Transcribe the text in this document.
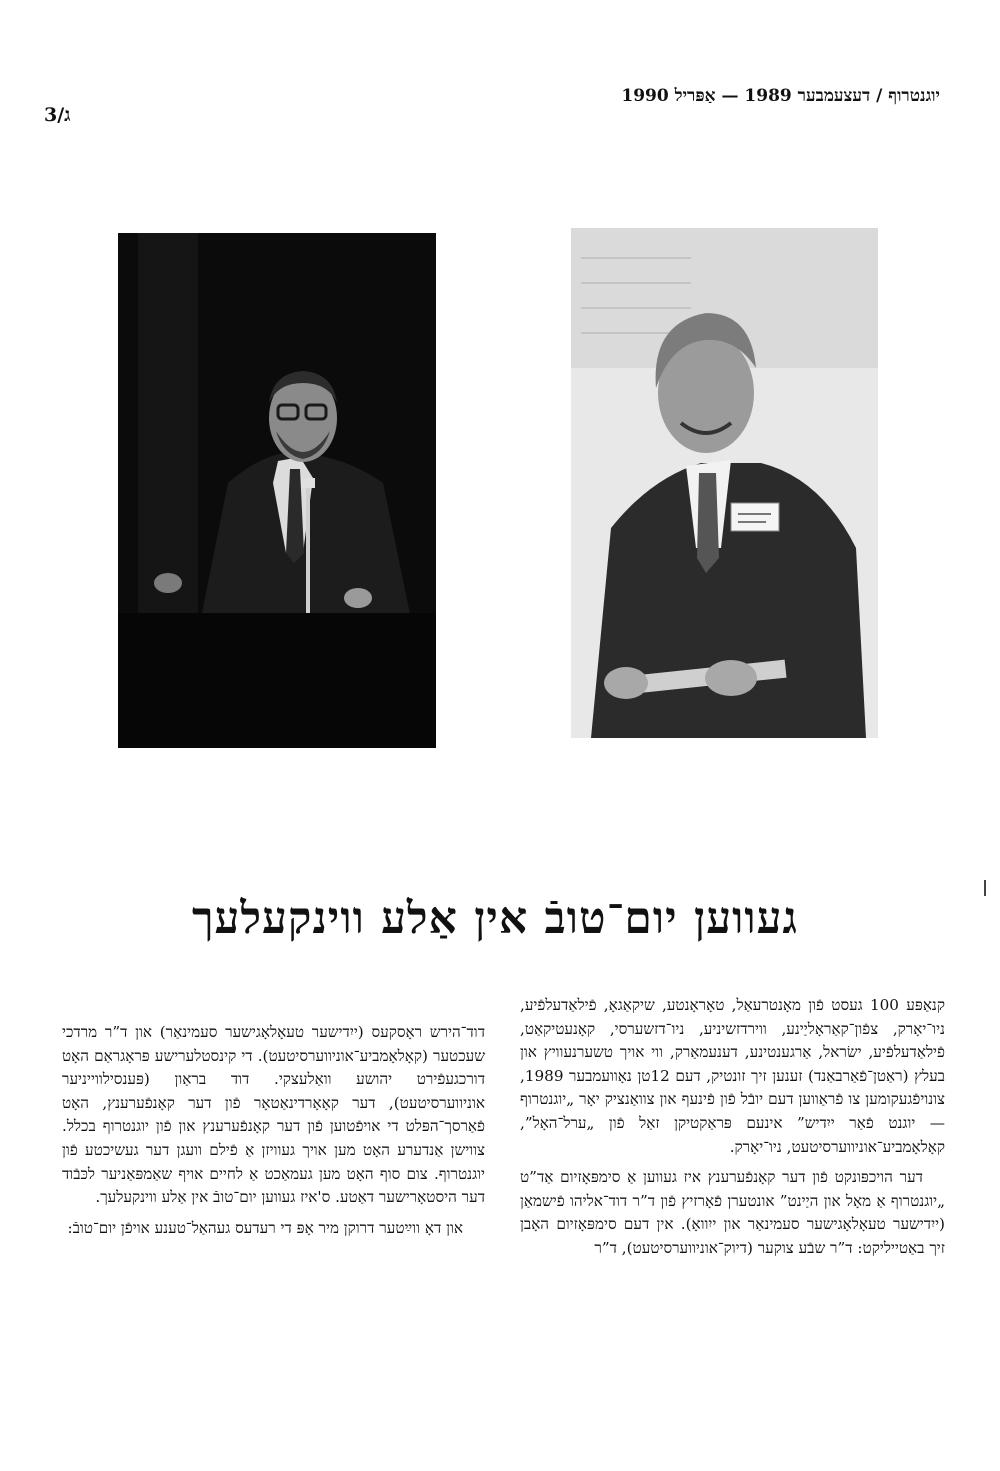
יוגנטרוף / דעצעמבער 1989 — אַפּריל 1990
ג/3
געווען יום־טובֿ אין אַלע ווינקעלעך

קנאַפּע 100 געסט פֿון מאָנטרעאַל, טאָראָנטע, שיקאַגאָ, פֿילאַדעלפֿיע, ניו־יאָרק, צפֿון־קאַראָליַינע, ווירדזשיניע, ניו־דזשערסי, קאָנעטיקאַט, פֿילאַדעלפֿיע, ישׂראל, אַרגענטינע, דענעמאַרק, ווי אויך טשערנעוויץ און בעלץ (ראַטן־פֿאַרבאַנד) זענען זיך זונטיק, דעם 12טן נאָוועמבער 1989, צונויפֿגעקומען צו פֿראַווען דעם יובֿל פֿון פֿינעף און צוואַנציק יאָר „יוגנטרוף — יוגנט פֿאַר ייִדיש” אינעם פּראַקטיקן זאַל פֿון „ערל־האָל”, קאָלאָמביע־אוניווערסיטעט, ניו־יאָרק.

דער הויכפּונקט פֿון דער קאָנפֿערענץ איז געווען אַ סימפּאָזיום אַד”ט „יוגנטרוף אַ מאָל און היַינט” אונטערן פֿאָרזיץ פֿון ד”ר דוד־אליהו פֿישמאַן (ייִדישער טעאָלאָגישער סעמינאַר און ייִוואָ). אין דעם סימפּאָזיום האָבן זיך באַטייליקט: ד”ר שבֿע צוקער (דיוק־אוניווערסיטעט), ד”ר

דוד־הירש ראָסקעס (ייִדישער טעאָלאָגישער סעמינאַר) און ד”ר מרדכי שעכטער (קאָלאָמביע־אוניווערסיטעט). די קינסטלערישע פּראָגראַם האָט דורכגעפֿירט יהושע וואַלעצקי. דוד בראַון (פּענסילווייניער אוניווערסיטעט), דער קאָאָרדינאַטאָר פֿון דער קאָנפֿערענץ, האָט פֿאַרסך־הפּלט די אויפֿטוען פֿון דער קאָנפֿערענץ און פֿון יוגנטרוף בכלל. צווישן אַנדערע האָט מען אויך געוויזן אַ פֿילם וועגן דער געשיכטע פֿון יוגנטרוף. צום סוף האָט מען געמאַכט אַ לחיים אויף שאַמפּאַניער לכּבֿוד דער היסטאָרישער דאַטע. ס'איז געווען יום־טובֿ אין אַלע ווינקעלעך.

און דאָ ווײַטער דרוקן מיר אָפּ די רעדעס געהאַל־טענע אויפֿן יום־טובֿ:
